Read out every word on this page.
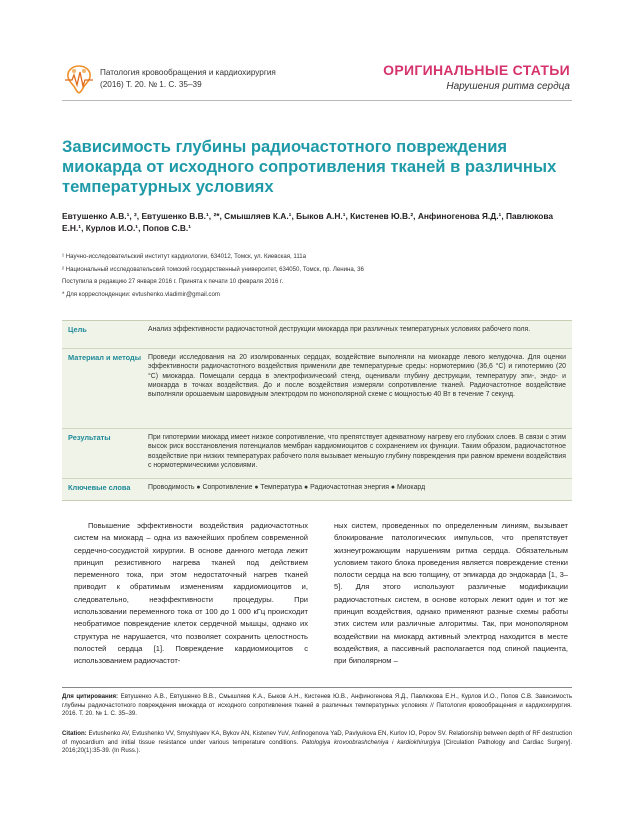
Патология кровообращения и кардиохирургия
(2016) Т. 20. № 1. С. 35–39
ОРИГИНАЛЬНЫЕ СТАТЬИ
Нарушения ритма сердца
Зависимость глубины радиочастотного повреждения миокарда от исходного сопротивления тканей в различных температурных условиях
Евтушенко А.В.¹, ², Евтушенко В.В.¹, ²*, Смышляев К.А.¹, Быков А.Н.¹, Кистенев Ю.В.², Анфиногенова Я.Д.¹, Павлюкова Е.Н.¹, Курлов И.О.¹, Попов С.В.¹

¹ Научно-исследовательский институт кардиологии, 634012, Томск, ул. Киевская, 111а

² Национальный исследовательский томский государственный университет, 634050, Томск, пр. Ленина, 36

Поступила в редакцию 27 января 2016 г. Принята к печати 10 февраля 2016 г.

* Для корреспонденции: evtushenko.vladimir@gmail.com

Цель	Анализ эффективности радиочастотной деструкции миокарда при различных температурных условиях рабочего поля.
Материал и методы	Проведи исследования на 20 изолированных сердцах, воздействие выполняли на миокарде левого желудочка. Для оценки эффективности радиочастотного воздействия применили две температурные среды: нормотермию (36,6 °С) и гипотермию (20 °С) миокарда. Помещали сердца в электрофизический стенд, оценивали глубину деструкции, температуру эпи-, эндо- и миокарда в точках воздействия. До и после воздействия измеряли сопротивление тканей. Радиочастотное воздействие выполняли орошаемым шаровидным электродом по монополярной схеме с мощностью 40 Вт в течение 7 секунд.
Результаты	При гипотермии миокард имеет низкое сопротивление, что препятствует адекватному нагреву его глубоких слоев. В связи с этим высок риск восстановления потенциалов мембран кардиомиоцитов с сохранением их функции. Таким образом, радиочастотное воздействие при низких температурах рабочего поля вызывает меньшую глубину повреждения при равном времени воздействия с нормотермическими условиями.
Ключевые слова	Проводимость ● Сопротивление ● Температура ● Радиочастотная энергия ● Миокард

Повышение эффективности воздействия радиочастотных систем на миокард – одна из важнейших проблем современной сердечно-сосудистой хирургии. В основе данного метода лежит принцип резистивного нагрева тканей под действием переменного тока, при этом недостаточный нагрев тканей приводит к обратимым изменениям кардиомиоцитов и, следовательно, неэффективности процедуры. При использовании переменного тока от 100 до 1 000 кГц происходит необратимое повреждение клеток сердечной мышцы, однако их структура не нарушается, что позволяет сохранить целостность полостей сердца [1]. Повреждение кардиомиоцитов с использованием радиочастот-

ных систем, проведенных по определенным линиям, вызывает блокирование патологических импульсов, что препятствует жизнеугрожающим нарушениям ритма сердца. Обязательным условием такого блока проведения является повреждение стенки полости сердца на всю толщину, от эпикарда до эндокарда [1, 3–5]. Для этого используют различные модификации радиочастотных систем, в основе которых лежит один и тот же принцип воздействия, однако применяют разные схемы работы этих систем или различные алгоритмы. Так, при монополярном воздействии на миокард активный электрод находится в месте воздействия, а пассивный располагается под спиной пациента, при биполярном –

Для цитирования: Евтушенко А.В., Евтушенко В.В., Смышляев К.А., Быков А.Н., Кистенев Ю.В., Анфиногенова Я.Д., Павлюкова Е.Н., Курлов И.О., Попов С.В. Зависимость глубины радиочастотного повреждения миокарда от исходного сопротивления тканей в различных температурных условиях // Патология кровообращения и кардиохирургия. 2016. Т. 20. № 1. С. 35–39.

Citation: Evtushenko AV, Evtushenko VV, Smyshlyaev KA, Bykov AN, Kistenev YuV, Anfinogenova YaD, Pavlyukova EN, Kurlov IO, Popov SV. Relationship between depth of RF destruction of myocardium and initial tissue resistance under various temperature conditions. Patologiya krovoobrashcheniya i kardiokhirurgiya [Circulation Pathology and Cardiac Surgery]. 2016;20(1):35-39. (In Russ.).
